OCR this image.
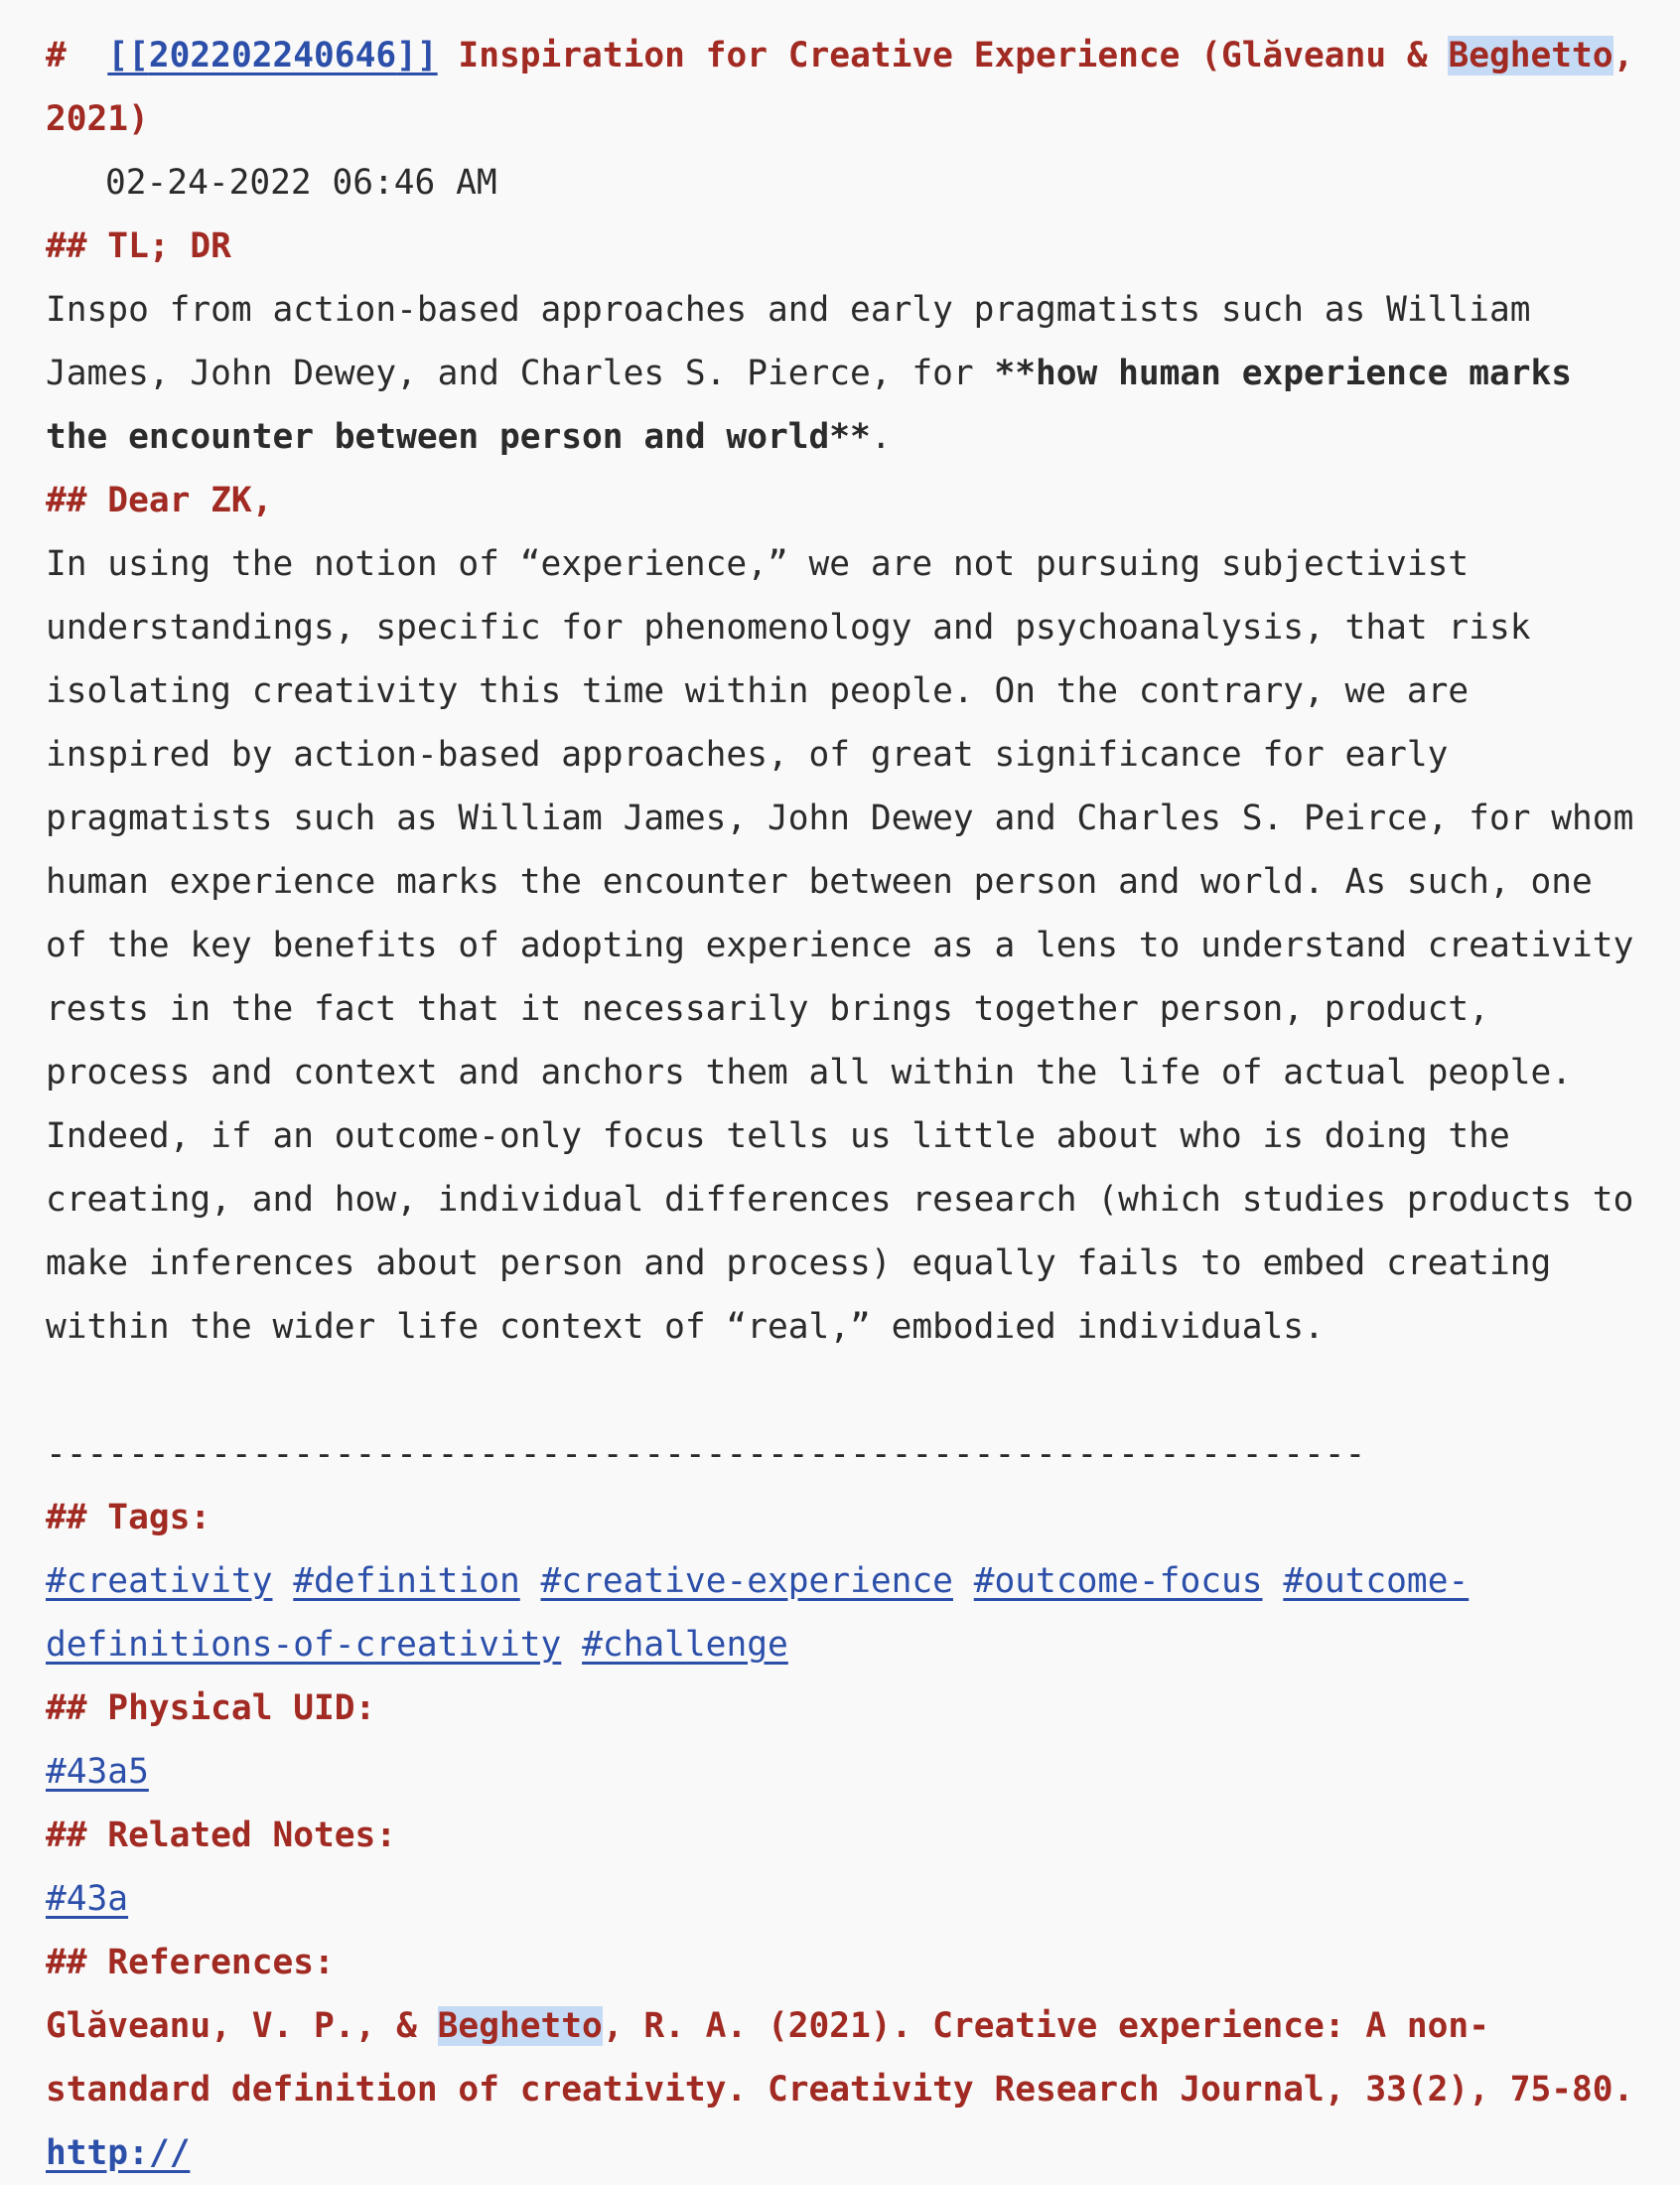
#  [[202202240646]] Inspiration for Creative Experience (Glăveanu & Beghetto, 2021)
02-24-2022 06:46 AM
## TL; DR
Inspo from action-based approaches and early pragmatists such as William James, John Dewey, and Charles S. Pierce, for **how human experience marks the encounter between person and world**.
## Dear ZK,
In using the notion of “experience,” we are not pursuing subjectivist understandings, specific for phenomenology and psychoanalysis, that risk isolating creativity this time within people. On the contrary, we are inspired by action-based approaches, of great significance for early pragmatists such as William James, John Dewey and Charles S. Peirce, for whom human experience marks the encounter between person and world. As such, one of the key benefits of adopting experience as a lens to understand creativity rests in the fact that it necessarily brings together person, product, process and context and anchors them all within the life of actual people. Indeed, if an outcome-only focus tells us little about who is doing the creating, and how, individual differences research (which studies products to make inferences about person and process) equally fails to embed creating within the wider life context of “real,” embodied individuals.
----------------------------------------------------------------
## Tags:
#creativity #definition #creative-experience #outcome-focus #outcome-definitions-of-creativity #challenge
## Physical UID:
#43a5
## Related Notes:
#43a
## References:
Glăveanu, V. P., & Beghetto, R. A. (2021). Creative experience: A non-standard definition of creativity. Creativity Research Journal, 33(2), 75-80. http://
